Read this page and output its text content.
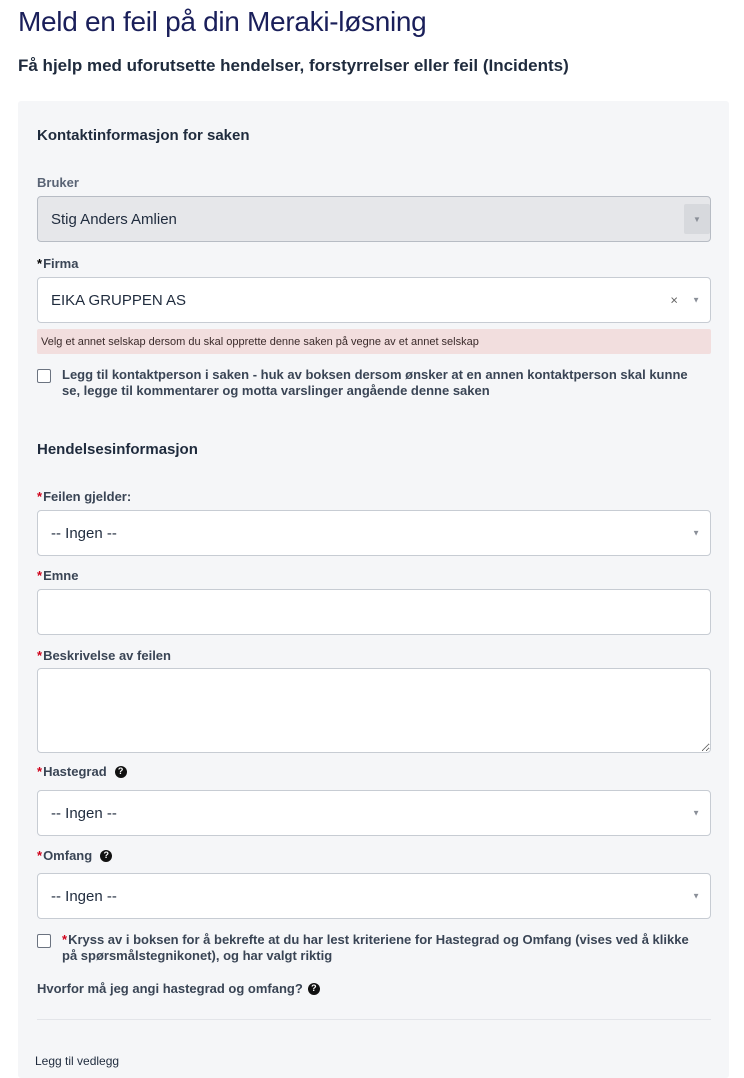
Meld en feil på din Meraki-løsning
Få hjelp med uforutsette hendelser, forstyrrelser eller feil (Incidents)
Kontaktinformasjon for saken
Bruker
Stig Anders Amlien	▼
* Firma
EIKA GRUPPEN AS	× ▼
Velg et annet selskap dersom du skal opprette denne saken på vegne av et annet selskap
Legg til kontaktperson i saken - huk av boksen dersom ønsker at en annen kontaktperson skal kunne se, legge til kommentarer og motta varslinger angående denne saken
Hendelsesinformasjon
* Feilen gjelder:
-- Ingen --	▼
* Emne
* Beskrivelse av feilen
* Hastegrad	?
-- Ingen --	▼
* Omfang	?
-- Ingen --	▼
*Kryss av i boksen for å bekrefte at du har lest kriteriene for Hastegrad og Omfang (vises ved å klikke på spørsmålstegnikonet), og har valgt riktig
Hvorfor må jeg angi hastegrad og omfang? ?
Legg til vedlegg
